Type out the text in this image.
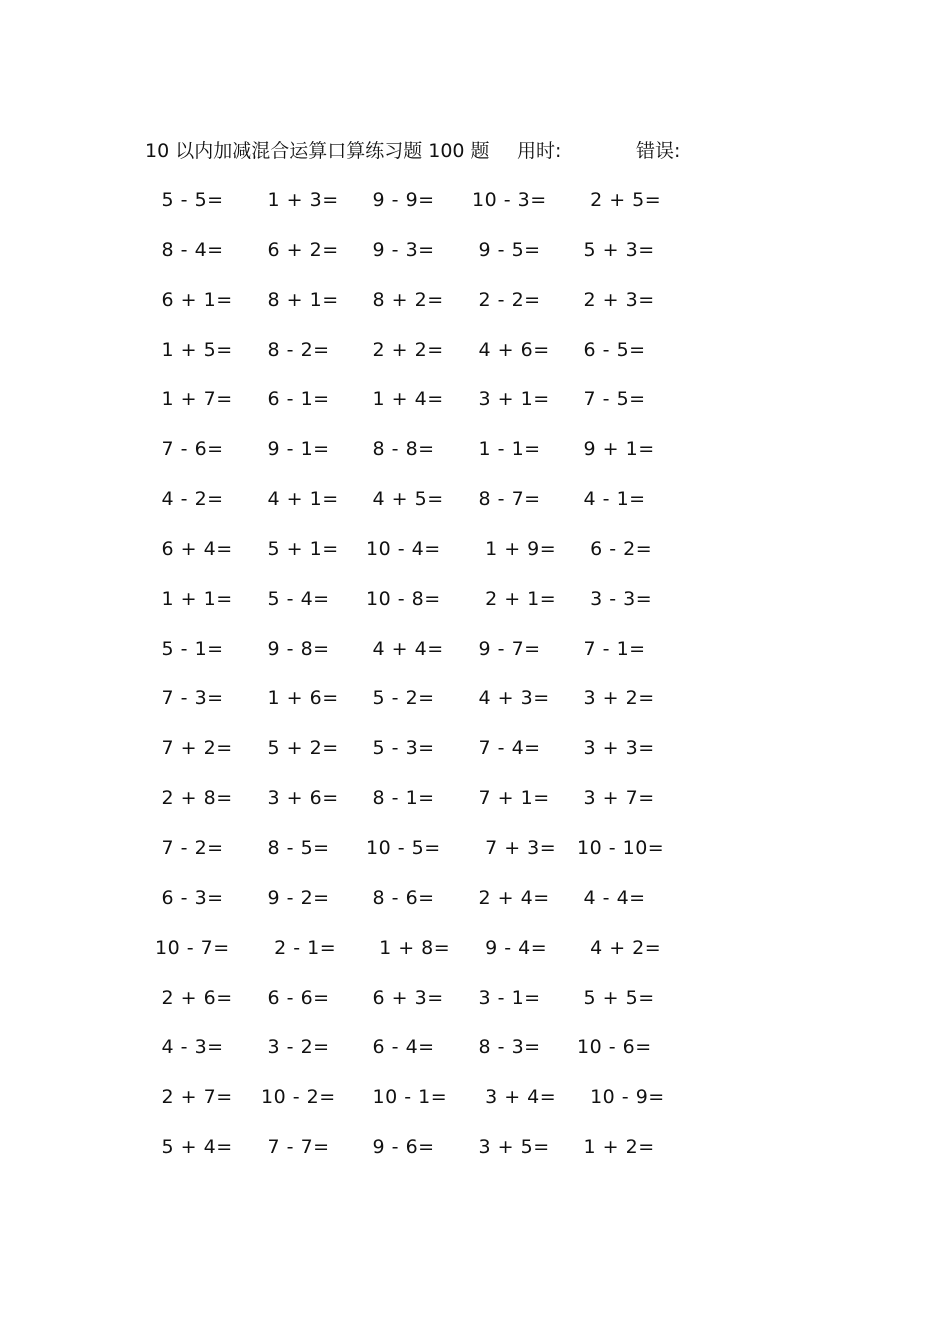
10 以内加减混合运算口算练习题 100 题 用时:	错误:
5 - 5= 1 + 3= 9 - 9= 10 - 3= 2 + 5=
8 - 4= 6 + 2= 9 - 3= 9 - 5= 5 + 3=
6 + 1= 8 + 1= 8 + 2= 2 - 2= 2 + 3=
1 + 5= 8 - 2= 2 + 2= 4 + 6= 6 - 5=
1 + 7= 6 - 1= 1 + 4= 3 + 1= 7 - 5=
7 - 6= 9 - 1= 8 - 8= 1 - 1= 9 + 1=
4 - 2= 4 + 1= 4 + 5= 8 - 7= 4 - 1=
6 + 4= 5 + 1= 10 - 4= 1 + 9= 6 - 2=
1 + 1= 5 - 4= 10 - 8= 2 + 1= 3 - 3=
5 - 1= 9 - 8= 4 + 4= 9 - 7= 7 - 1=
7 - 3= 1 + 6= 5 - 2= 4 + 3= 3 + 2=
7 + 2= 5 + 2= 5 - 3= 7 - 4= 3 + 3=
2 + 8= 3 + 6= 8 - 1= 7 + 1= 3 + 7=
7 - 2= 8 - 5= 10 - 5= 7 + 3= 10 - 10=
6 - 3= 9 - 2= 8 - 6= 2 + 4= 4 - 4=
10 - 7= 2 - 1= 1 + 8= 9 - 4= 4 + 2=
2 + 6= 6 - 6= 6 + 3= 3 - 1= 5 + 5=
4 - 3= 3 - 2= 6 - 4= 8 - 3= 10 - 6=
2 + 7= 10 - 2= 10 - 1= 3 + 4= 10 - 9=
5 + 4= 7 - 7= 9 - 6= 3 + 5= 1 + 2=
